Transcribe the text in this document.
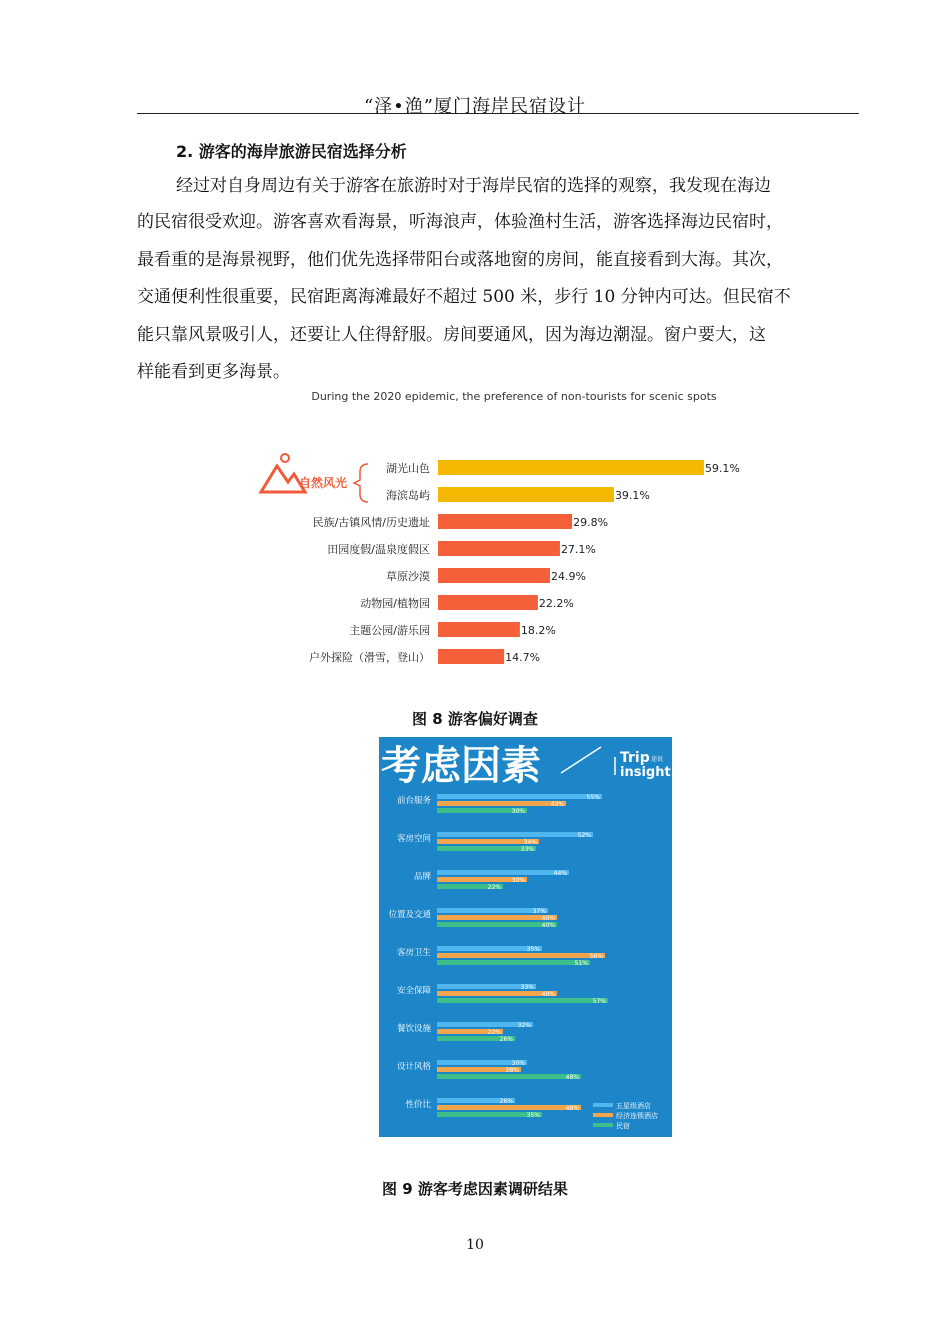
“泽•渔”厦门海岸民宿设计
2. 游客的海岸旅游民宿选择分析
经过对自身周边有关于游客在旅游时对于海岸民宿的选择的观察，我发现在海边
的民宿很受欢迎。游客喜欢看海景，听海浪声，体验渔村生活，游客选择海边民宿时，
最看重的是海景视野，他们优先选择带阳台或落地窗的房间，能直接看到大海。其次，
交通便利性很重要，民宿距离海滩最好不超过 500 米，步行 10 分钟内可达。但民宿不
能只靠风景吸引人，还要让人住得舒服。房间要通风，因为海边潮湿。窗户要大，这
样能看到更多海景。
During the 2020 epidemic, the preference of non-tourists for scenic spots
自然风光
湖光山色	59.1%
海滨岛屿	39.1%
民族/古镇风情/历史遗址	29.8%
田园度假/温泉度假区	27.1%
草原沙漠	24.9%
动物园/植物园	22.2%
主题公园/游乐园	18.2%
户外探险（滑雪，登山）	14.7%
图 8 游客偏好调查
考虑因素	Trip 途说
insight
前台服务	55%
43%
30%
客房空间	52%
34%
33%
品牌	44%
30%
22%
位置及交通	37%
40%
40%
客房卫生	35%
56%
51%
安全保障	33%
40%
57%
餐饮设施	32%
22%
26%
设计风格	30%
28%
48%
性价比	26%
48%
35%
五星级酒店
经济连锁酒店
民宿
图 9 游客考虑因素调研结果
10
